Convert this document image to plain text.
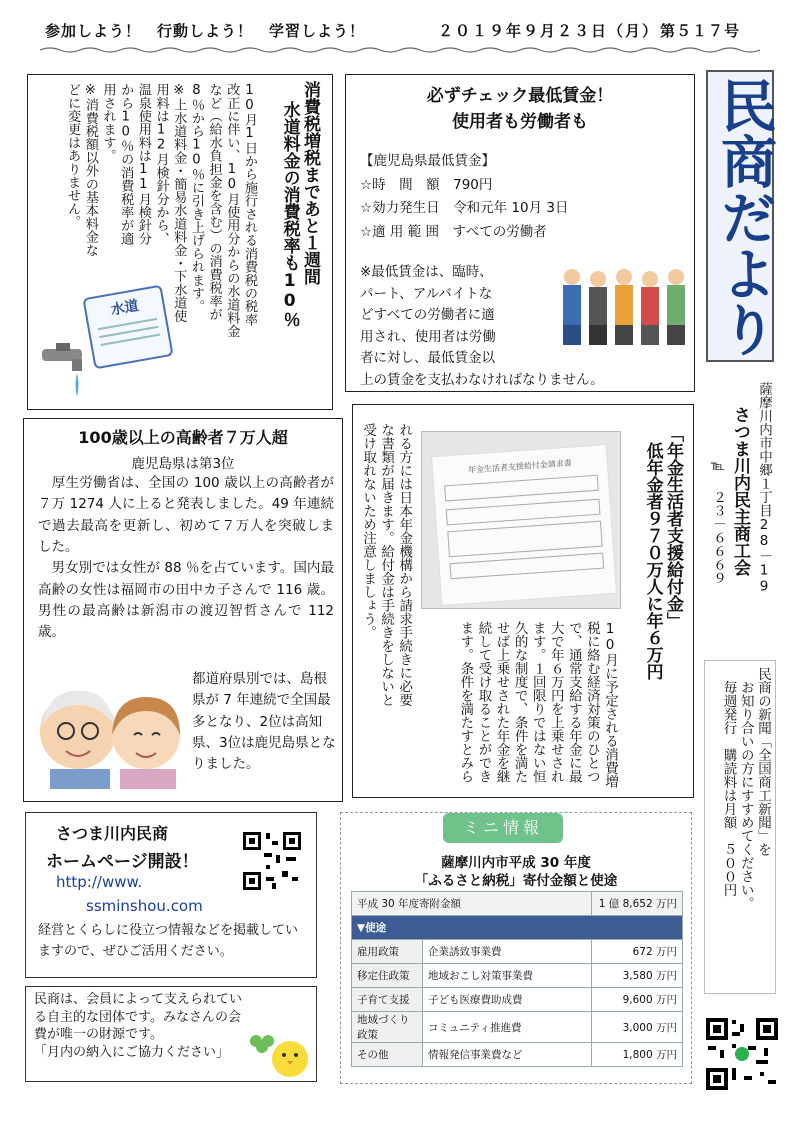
参加しよう！　行動しよう！　学習しよう！	２０１９年９月２３日（月） 第５１７号
消費税増税まであと１週間
水道料金の消費税率も10％
10月1日から施行される消費税の税率
改正に伴い、10月使用分からの水道料金
など（給水負担金を含む）の消費税率が
8％から10％に引き上げられます。
※上水道料金・簡易水道料金・下水道使
用料は12月検針分から、
温泉使用料は11月検針分
から10％の消費税率が適
用されます。
※消費税額以外の基本料金な
どに変更はありません。
水道
必ずチェック最低賃金！
使用者も労働者も
【鹿児島県最低賃金】
☆時　間　額　790円
☆効力発生日　令和元年 10月 3日
☆適 用 範 囲　すべての労働者
※最低賃金は、臨時、
パート、アルバイトな
どすべての労働者に適
用され、使用者は労働
者に対し、最低賃金以
上の賃金を支払わなければなりません。
民商だより
薩摩川内市中郷１丁目28－19
さつま川内民主商工会
℡ ２３－６６６９
100歳以上の高齢者７万人超
鹿児島県は第3位
　厚生労働省は、全国の 100 歳以上の高齢者が ７万 1274 人に上ると発表しました。49 年連続で過去最高を更新し、初めて７万人を突破しました。
　男女別では女性が 88 ％を占ています。国内最高齢の女性は福岡市の田中カ子さんで 116 歳。男性の最高齢は新潟市の渡辺智哲さんで 112 歳。
都道府県別では、島根県が 7 年連続で全国最多となり、2位は高知県、3位は鹿児島県となりました。
「年金生活者支援給付金」
　低年金者９７０万人に年６万円
10月に予定される消費増
税に絡む経済対策のひとつ
で、通常支給する年金に最
大で年６万円を上乗せされ
ます。１回限りではない恒
久的な制度で、条件を満た
せば上乗せされた年金を継
続して受け取ることができ
ます。条件を満たすとみら
れる方には日本年金機構から請求手続きに必要
な書類が届きます。給付金は手続きをしないと
受け取れないため注意しましょう。	年金生活者支援給付金請求書
民商の新聞「全国商工新聞」を
　お知り合いの方にすすめてください。
　毎週発行　購読料は月額　５００円
さつま川内民商
ホームページ開設！
http://www.
ssminshou.com
経営とくらしに役立つ情報などを掲載していますので、ぜひご活用ください。
民商は、会員によって支えられている自主的な団体です。みなさんの会費が唯一の財源です。
「月内の納入にご協力ください」
ミニ情報
薩摩川内市平成 30 年度
「ふるさと納税」寄付金額と使途
平成 30 年度寄附金額		1 億 8,652 万円
▼使途		
雇用政策	企業誘致事業費	672 万円
移定住政策	地域おこし対策事業費	3,580 万円
子育て支援	子ども医療費助成費	9,600 万円
地域づくり政策	コミュニティ推進費	3,000 万円
その他	情報発信事業費など	1,800 万円
